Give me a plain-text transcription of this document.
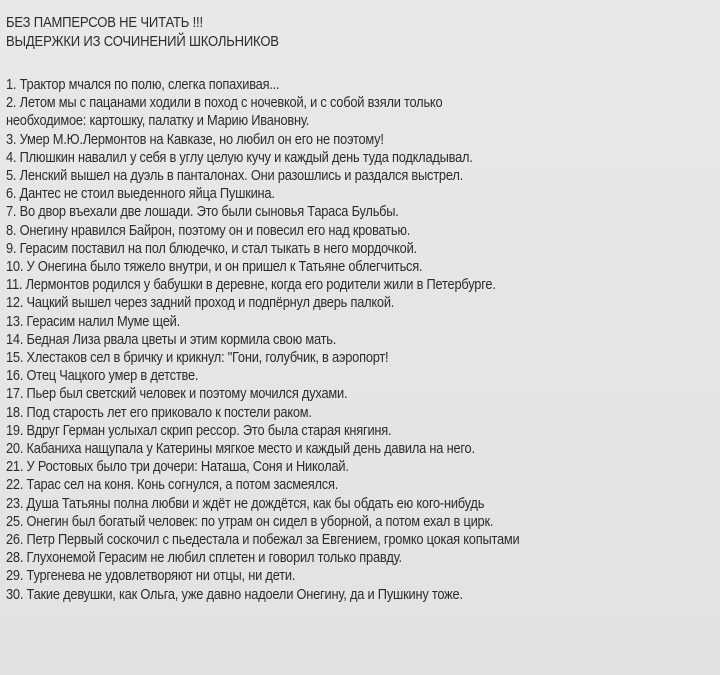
БЕЗ ПАМПЕРСОВ НЕ ЧИТАТЬ !!!
ВЫДЕРЖКИ ИЗ СОЧИНЕНИЙ ШКОЛЬНИКОВ
1. Трактор мчался по полю, слегка попахивая...
2. Летом мы с пацанами ходили в поход с ночевкой, и с собой взяли только
необходимое: картошку, палатку и Марию Ивановну.
3. Умер М.Ю.Лермонтов на Кавказе, но любил он его не поэтому!
4. Плюшкин навалил у себя в углу целую кучу и каждый день туда подкладывал.
5. Ленский вышел на дуэль в панталонах. Они разошлись и раздался выстрел.
6. Дантес не стоил выеденного яйца Пушкина.
7. Во двор въехали две лошади. Это были сыновья Тараса Бульбы.
8. Онегину нравился Байрон, поэтому он и повесил его над кроватью.
9. Герасим поставил на пол блюдечко, и стал тыкать в него мордочкой.
10. У Онегина было тяжело внутри, и он пришел к Татьяне облегчиться.
11. Лермонтов родился у бабушки в деревне, когда его родители жили в Петербурге.
12. Чацкий вышел через задний проход и подпёрнул дверь палкой.
13. Герасим налил Муме щей.
14. Бедная Лиза рвала цветы и этим кормила свою мать.
15. Хлестаков сел в бричку и крикнул: "Гони, голубчик, в аэропорт!
16. Отец Чацкого умер в детстве.
17. Пьер был светский человек и поэтому мочился духами.
18. Под старость лет его приковало к постели раком.
19. Вдруг Герман услыхал скрип рессор. Это была старая княгиня.
20. Кабаниха нащупала у Катерины мягкое место и каждый день давила на него.
21. У Ростовых было три дочери: Наташа, Соня и Николай.
22. Тарас сел на коня. Конь согнулся, а потом засмеялся.
23. Душа Татьяны полна любви и ждёт не дождётся, как бы обдать ею кого-нибудь
25. Онегин был богатый человек: по утрам он сидел в уборной, а потом ехал в цирк.
26. Петр Первый соскочил с пьедестала и побежал за Евгением, громко цокая копытами
28. Глухонемой Герасим не любил сплетен и говорил только правду.
29. Тургенева не удовлетворяют ни отцы, ни дети.
30. Такие девушки, как Ольга, уже давно надоели Онегину, да и Пушкину тоже.
